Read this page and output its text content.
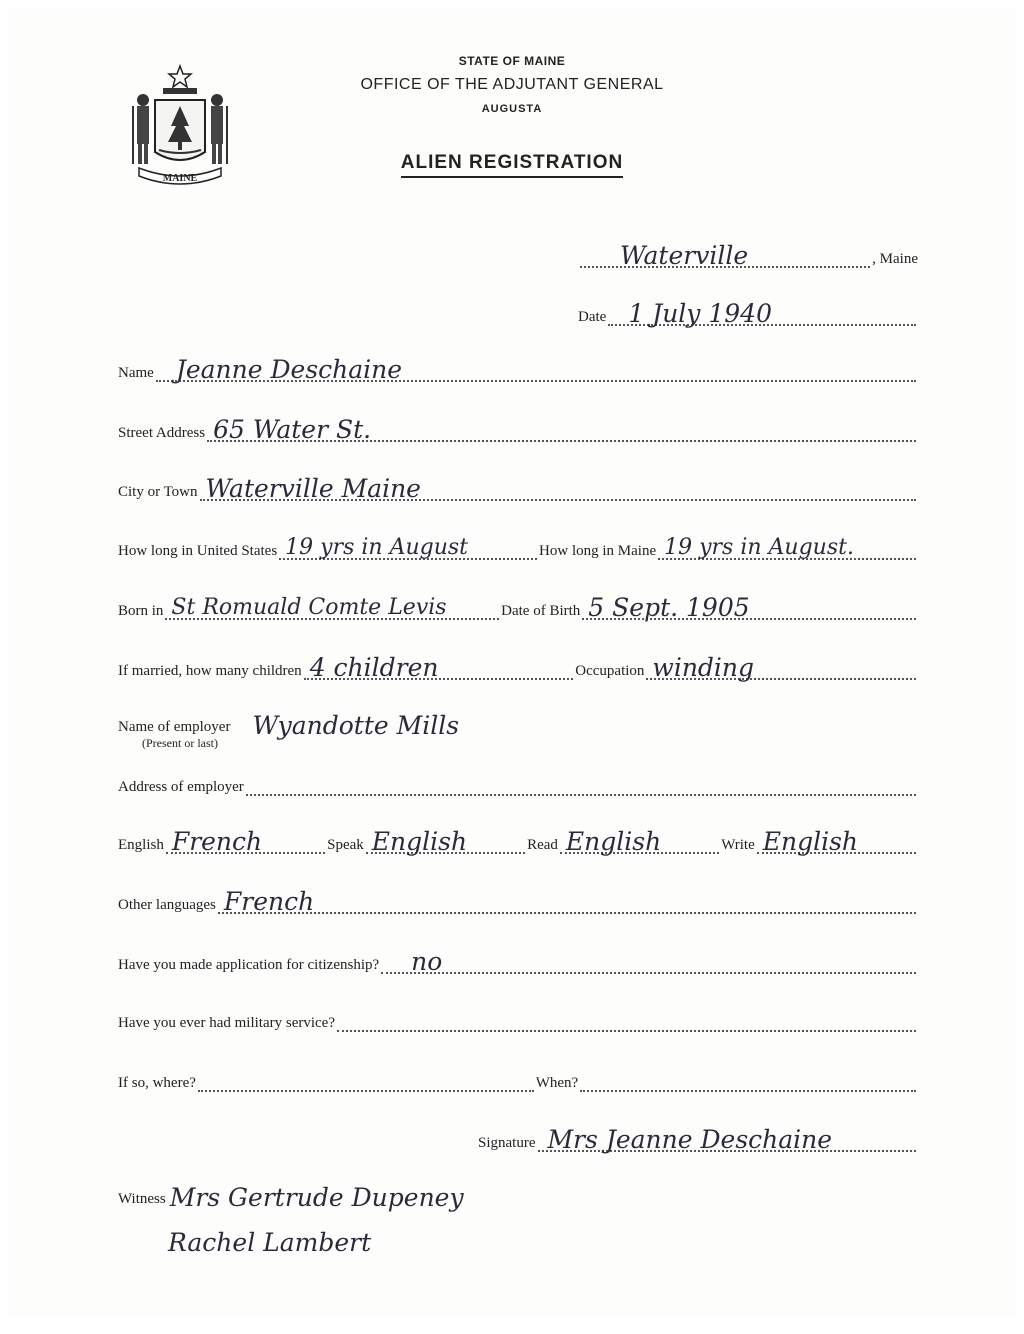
MAINE
STATE OF MAINE
OFFICE OF THE ADJUTANT GENERAL
AUGUSTA
ALIEN REGISTRATION
Waterville	, Maine
Date 1 July 1940
Name Jeanne Deschaine
Street Address 65 Water St.
City or Town Waterville Maine
How long in United States 19 yrs in August	How long in Maine 19 yrs in August.
Born in St Romuald Comte Levis	Date of Birth 5 Sept. 1905
If married, how many children 4 children	Occupation winding
Name of employer Wyandotte Mills
(Present or last)
Address of employer
English French	Speak English	Read English	Write English
Other languages French
Have you made application for citizenship? no
Have you ever had military service?
If so, where?	When?
Signature Mrs Jeanne Deschaine
Witness Mrs Gertrude Dupeney
Rachel Lambert
